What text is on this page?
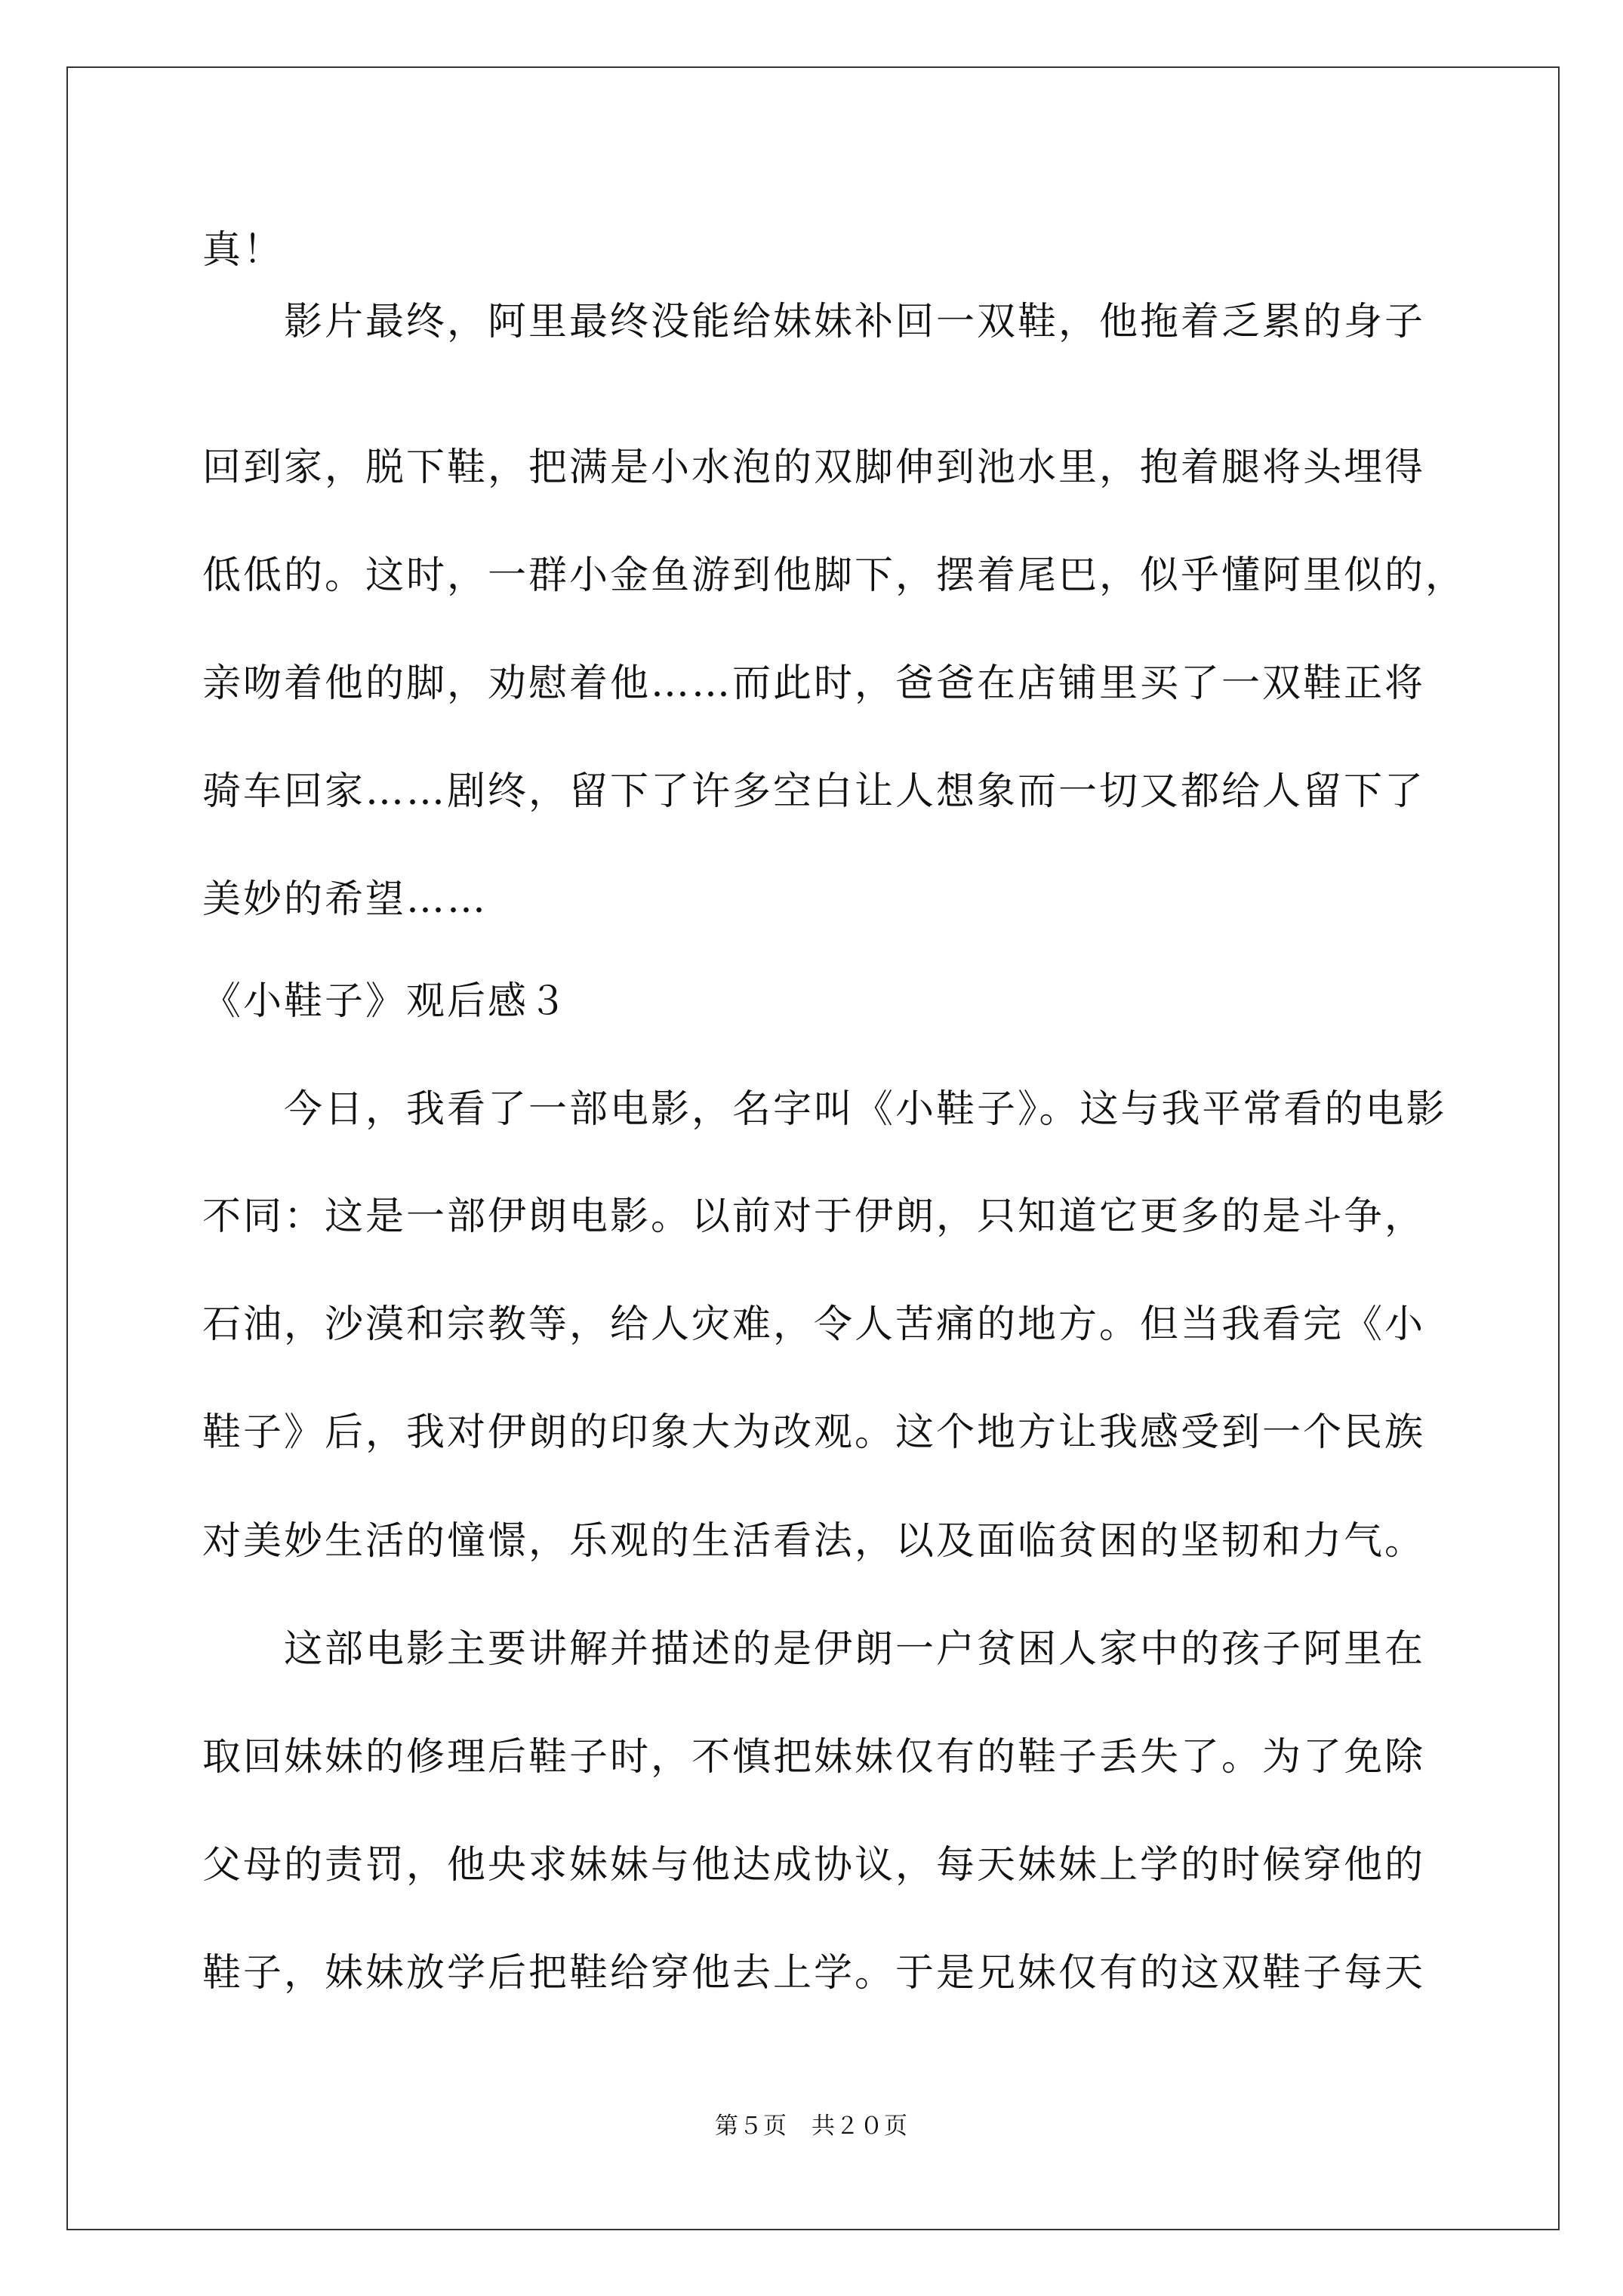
真！
影片最终，阿里最终没能给妹妹补回一双鞋，他拖着乏累的身子
回到家，脱下鞋，把满是小水泡的双脚伸到池水里，抱着腿将头埋得
低低的。这时，一群小金鱼游到他脚下，摆着尾巴，似乎懂阿里似的，
亲吻着他的脚，劝慰着他……而此时，爸爸在店铺里买了一双鞋正将
骑车回家……剧终，留下了许多空白让人想象而一切又都给人留下了
美妙的希望……
《小鞋子》观后感３
今日，我看了一部电影，名字叫《小鞋子》。这与我平常看的电影
不同：这是一部伊朗电影。以前对于伊朗，只知道它更多的是斗争，
石油，沙漠和宗教等，给人灾难，令人苦痛的地方。但当我看完《小
鞋子》后，我对伊朗的印象大为改观。这个地方让我感受到一个民族
对美妙生活的憧憬，乐观的生活看法，以及面临贫困的坚韧和力气。
这部电影主要讲解并描述的是伊朗一户贫困人家中的孩子阿里在
取回妹妹的修理后鞋子时，不慎把妹妹仅有的鞋子丢失了。为了免除
父母的责罚，他央求妹妹与他达成协议，每天妹妹上学的时候穿他的
鞋子，妹妹放学后把鞋给穿他去上学。于是兄妹仅有的这双鞋子每天
第５页　共２０页
